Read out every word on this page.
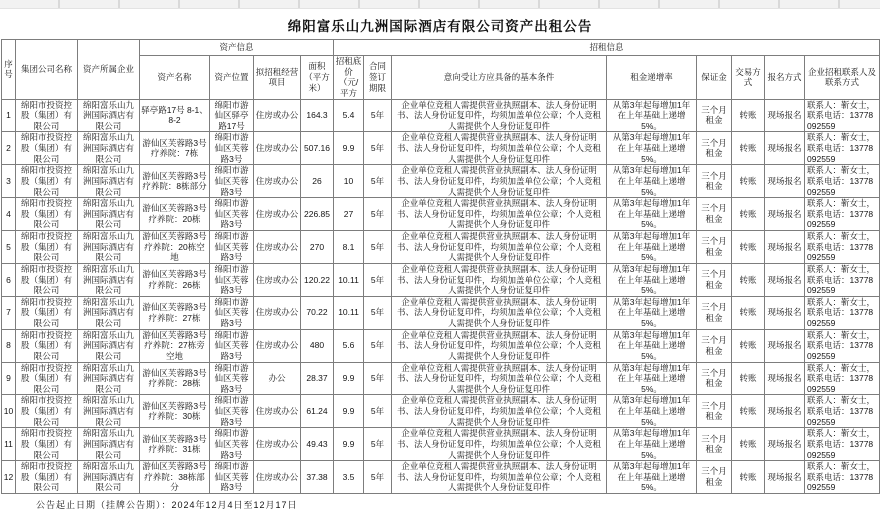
绵阳富乐山九洲国际酒店有限公司资产出租公告
序号	集团公司名称	资产所属企业	资产信息				招租信息							
			资产名称	资产位置	拟招租经营项目	面积（平方米）	招租底价（元/平方	合同签订期限	意向受让方应具备的基本条件	租金递增率	保证金	交易方式	报名方式	企业招租联系人及联系方式
1	绵阳市投资控股（集团）有限公司	绵阳富乐山九洲国际酒店有限公司	驿亭路17号 8-1、8-2	绵阳市游仙区驿亭路17号	住房或办公	164.3	5.4	5年	企业单位竞租人需提供营业执照副本、法人身份证明书、法人身份证复印件，均须加盖单位公章；个人竞租人需提供个人身份证复印件	从第3年起每增加1年在上年基础上递增5%。	三个月租金	转账	现场报名	联系人：靳女士，联系电话：13778092559
2	绵阳市投资控股（集团）有限公司	绵阳富乐山九洲国际酒店有限公司	游仙区芙蓉路3号疗养院：7栋	绵阳市游仙区芙蓉路3号	住房或办公	507.16	9.9	5年	企业单位竞租人需提供营业执照副本、法人身份证明书、法人身份证复印件，均须加盖单位公章；个人竞租人需提供个人身份证复印件	从第3年起每增加1年在上年基础上递增5%。	三个月租金	转账	现场报名	联系人：靳女士，联系电话：13778092559
3	绵阳市投资控股（集团）有限公司	绵阳富乐山九洲国际酒店有限公司	游仙区芙蓉路3号疗养院：8栋部分	绵阳市游仙区芙蓉路3号	住房或办公	26	10	5年	企业单位竞租人需提供营业执照副本、法人身份证明书、法人身份证复印件，均须加盖单位公章；个人竞租人需提供个人身份证复印件	从第3年起每增加1年在上年基础上递增5%。	三个月租金	转账	现场报名	联系人：靳女士，联系电话：13778092559
4	绵阳市投资控股（集团）有限公司	绵阳富乐山九洲国际酒店有限公司	游仙区芙蓉路3号疗养院：20栋	绵阳市游仙区芙蓉路3号	住房或办公	226.85	27	5年	企业单位竞租人需提供营业执照副本、法人身份证明书、法人身份证复印件，均须加盖单位公章；个人竞租人需提供个人身份证复印件	从第3年起每增加1年在上年基础上递增5%。	三个月租金	转账	现场报名	联系人：靳女士，联系电话：13778092559
5	绵阳市投资控股（集团）有限公司	绵阳富乐山九洲国际酒店有限公司	游仙区芙蓉路3号疗养院：20栋空地	绵阳市游仙区芙蓉路3号	住房或办公	270	8.1	5年	企业单位竞租人需提供营业执照副本、法人身份证明书、法人身份证复印件，均须加盖单位公章；个人竞租人需提供个人身份证复印件	从第3年起每增加1年在上年基础上递增5%。	三个月租金	转账	现场报名	联系人：靳女士，联系电话：13778092559
6	绵阳市投资控股（集团）有限公司	绵阳富乐山九洲国际酒店有限公司	游仙区芙蓉路3号疗养院：26栋	绵阳市游仙区芙蓉路3号	住房或办公	120.22	10.11	5年	企业单位竞租人需提供营业执照副本、法人身份证明书、法人身份证复印件，均须加盖单位公章；个人竞租人需提供个人身份证复印件	从第3年起每增加1年在上年基础上递增5%。	三个月租金	转账	现场报名	联系人：靳女士，联系电话：13778092559
7	绵阳市投资控股（集团）有限公司	绵阳富乐山九洲国际酒店有限公司	游仙区芙蓉路3号疗养院：27栋	绵阳市游仙区芙蓉路3号	住房或办公	70.22	10.11	5年	企业单位竞租人需提供营业执照副本、法人身份证明书、法人身份证复印件，均须加盖单位公章；个人竞租人需提供个人身份证复印件	从第3年起每增加1年在上年基础上递增5%。	三个月租金	转账	现场报名	联系人：靳女士，联系电话：13778092559
8	绵阳市投资控股（集团）有限公司	绵阳富乐山九洲国际酒店有限公司	游仙区芙蓉路3号疗养院：27栋旁空地	绵阳市游仙区芙蓉路3号	住房或办公	480	5.6	5年	企业单位竞租人需提供营业执照副本、法人身份证明书、法人身份证复印件，均须加盖单位公章；个人竞租人需提供个人身份证复印件	从第3年起每增加1年在上年基础上递增5%。	三个月租金	转账	现场报名	联系人：靳女士，联系电话：13778092559
9	绵阳市投资控股（集团）有限公司	绵阳富乐山九洲国际酒店有限公司	游仙区芙蓉路3号疗养院：28栋	绵阳市游仙区芙蓉路3号	办公	28.37	9.9	5年	企业单位竞租人需提供营业执照副本、法人身份证明书、法人身份证复印件，均须加盖单位公章；个人竞租人需提供个人身份证复印件	从第3年起每增加1年在上年基础上递增5%。	三个月租金	转账	现场报名	联系人：靳女士，联系电话：13778092559
10	绵阳市投资控股（集团）有限公司	绵阳富乐山九洲国际酒店有限公司	游仙区芙蓉路3号疗养院：30栋	绵阳市游仙区芙蓉路3号	住房或办公	61.24	9.9	5年	企业单位竞租人需提供营业执照副本、法人身份证明书、法人身份证复印件，均须加盖单位公章；个人竞租人需提供个人身份证复印件	从第3年起每增加1年在上年基础上递增5%。	三个月租金	转账	现场报名	联系人：靳女士，联系电话：13778092559
11	绵阳市投资控股（集团）有限公司	绵阳富乐山九洲国际酒店有限公司	游仙区芙蓉路3号疗养院：31栋	绵阳市游仙区芙蓉路3号	住房或办公	49.43	9.9	5年	企业单位竞租人需提供营业执照副本、法人身份证明书、法人身份证复印件，均须加盖单位公章；个人竞租人需提供个人身份证复印件	从第3年起每增加1年在上年基础上递增5%。	三个月租金	转账	现场报名	联系人：靳女士，联系电话：13778092559
12	绵阳市投资控股（集团）有限公司	绵阳富乐山九洲国际酒店有限公司	游仙区芙蓉路3号疗养院：38栋部分	绵阳市游仙区芙蓉路3号	住房或办公	37.38	3.5	5年	企业单位竞租人需提供营业执照副本、法人身份证明书、法人身份证复印件，均须加盖单位公章；个人竞租人需提供个人身份证复印件	从第3年起每增加1年在上年基础上递增5%。	三个月租金	转账	现场报名	联系人：靳女士，联系电话：13778092559
公告起止日期（挂牌公告期）：2024年12月4日至12月17日
